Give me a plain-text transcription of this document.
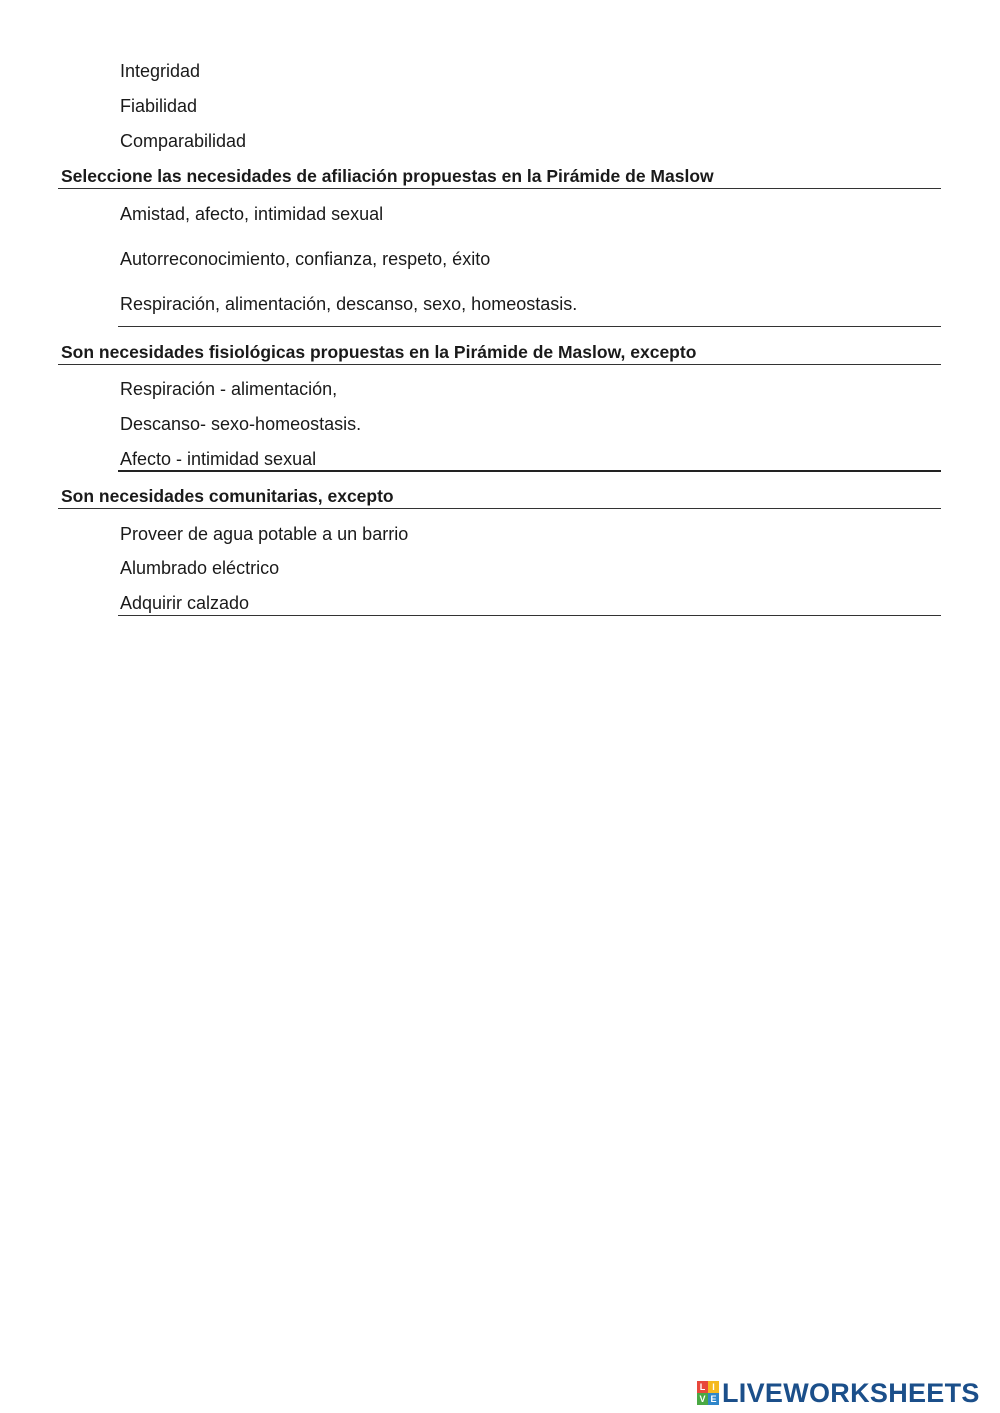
Integridad
Fiabilidad
Comparabilidad
Seleccione las necesidades de afiliación propuestas en la Pirámide de Maslow
Amistad, afecto, intimidad sexual
Autorreconocimiento, confianza, respeto, éxito
Respiración, alimentación, descanso, sexo, homeostasis.
Son necesidades fisiológicas propuestas en la Pirámide de Maslow, excepto
Respiración - alimentación,
Descanso- sexo-homeostasis.
Afecto - intimidad sexual
Son necesidades comunitarias, excepto
Proveer de agua potable a un barrio
Alumbrado eléctrico
Adquirir calzado
L I
V E LIVEWORKSHEETS
